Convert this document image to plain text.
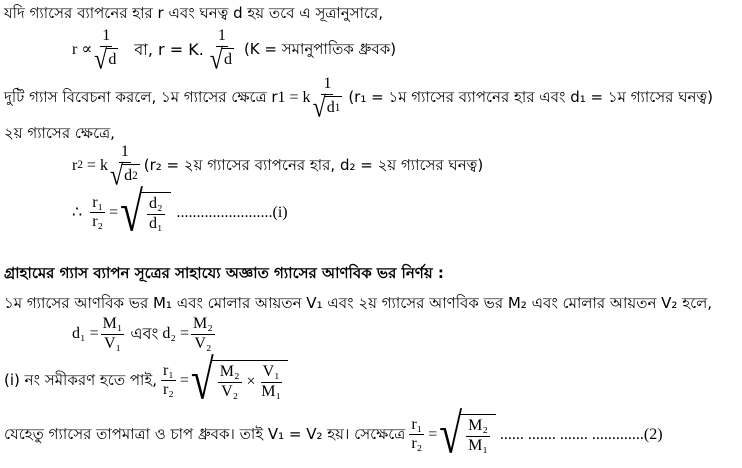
যদি গ্যাসের ব্যাপনের হার r এবং ঘনত্ব d হয় তবে এ সূত্রানুসারে,
$r \propto \frac{1}{√ d}$ বা, r = K. $\frac{1}{√ d} (K$ = সমানুপাতিক ধ্রুবক)
দুটি গ্যাস বিবেচনা করলে, ১ম গ্যাসের ক্ষেত্রে r 1 = k $\frac{1}{√ d 1} (r_1$ = ১ম গ্যাসের ব্যাপনের হার এবং d₁ = ১ম গ্যাসের ঘনত্ব)
২য় গ্যাসের ক্ষেত্রে,
r 2 = k $\frac{1}{√ d 2} (r_2$ = ২য় গ্যাসের ব্যাপনের হার, d₂ = ২য় গ্যাসের ঘনত্ব)
∴ $\frac{\text{r₁}}{\text{r₂}}$ = √ $\frac{\text{d₂}}{\text{d₁}} ........................(i)$
গ্রাহামের গ্যাস ব্যাপন সূত্রের সাহায্যে অজ্ঞাত গ্যাসের আণবিক ভর নির্ণয় :
১ম গ্যাসের আণবিক ভর M₁ এবং মোলার আয়তন V₁ এবং ২য় গ্যাসের আণবিক ভর M₂ এবং মোলার আয়তন V₂ হলে,
$d_1 = \frac{\text{M₁}}{\text{V₁}}$ এবং $d_2 = \frac{\text{M₂}}{\text{V₂}}$
(i) নং সমীকরণ হতে পাই, $\frac{\text{r₁}}{\text{r₂}}$ = √ $\frac{\text{M₂}}{\text{V₂}} \times \frac{\text{V₁}}{\text{M₁}}$
যেহেতু গ্যাসের তাপমাত্রা ও চাপ ধ্রুবক। তাই V₁ = V₂ হয়। সেক্ষেত্রে $\frac{\text{r₁}}{\text{r₂}}$ = √ $\frac{\text{M₂}}{\text{M₁}}$ ...... ....... ....... .............(2)
